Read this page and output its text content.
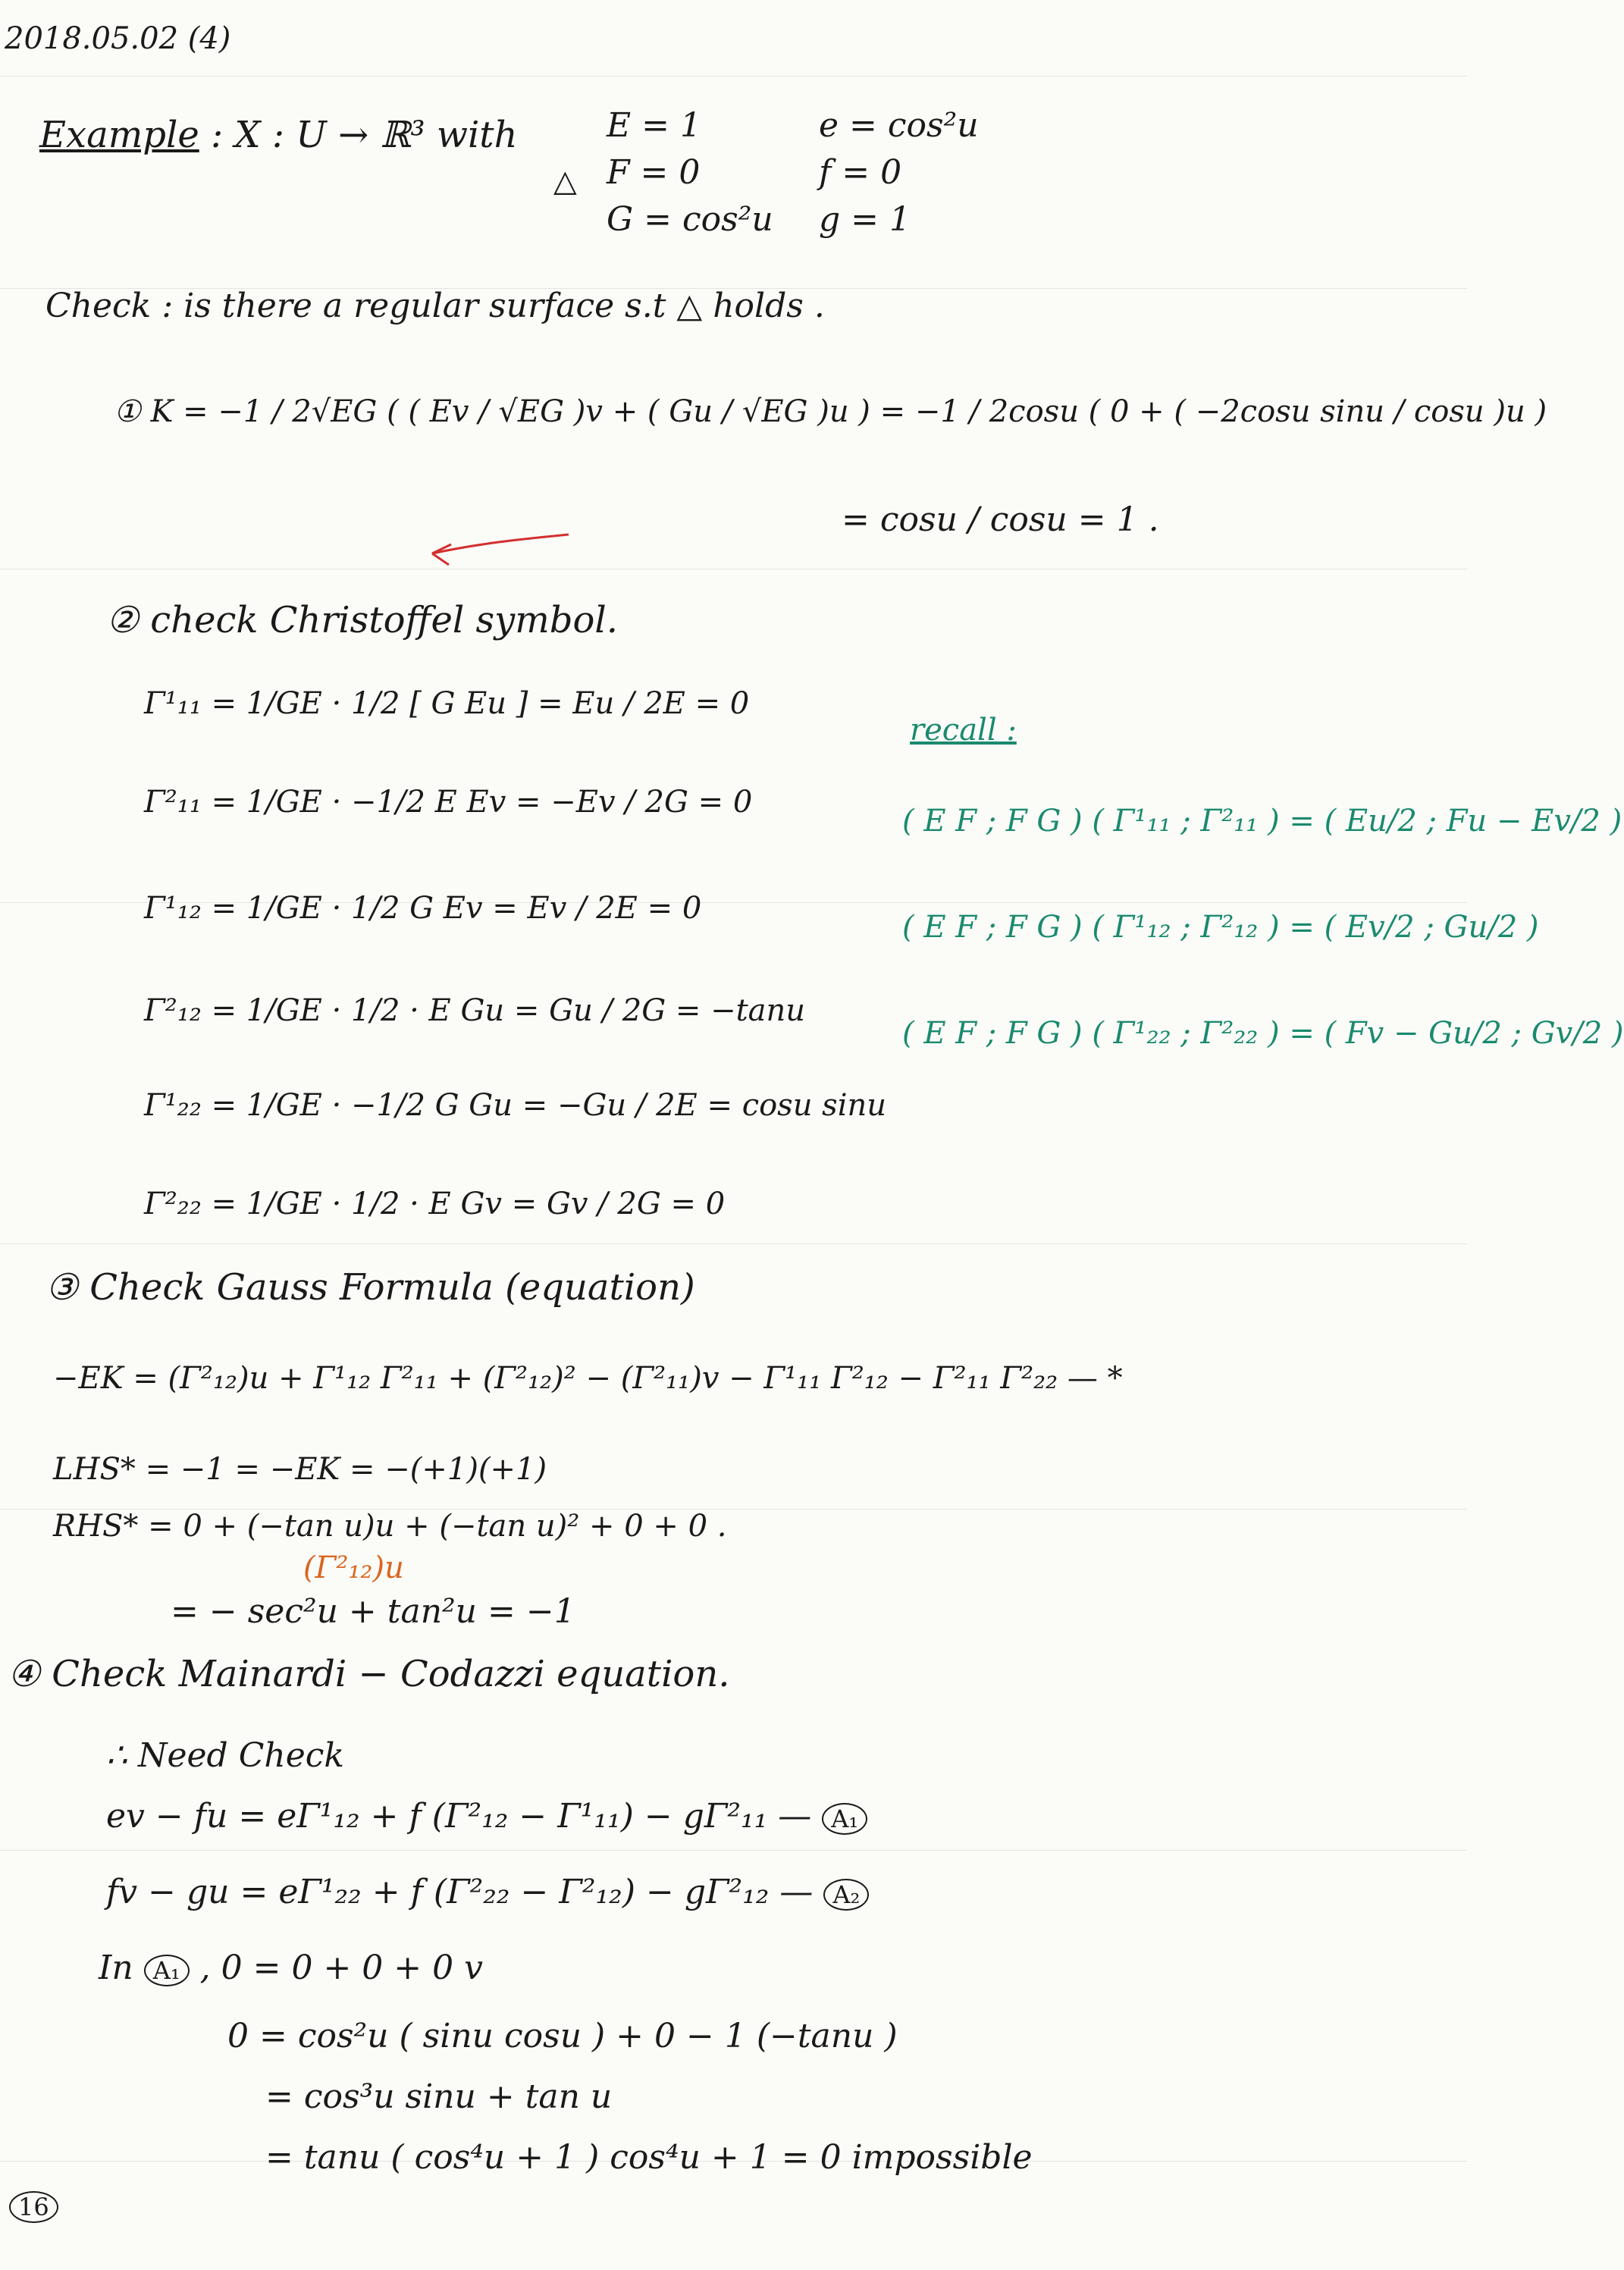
2018.05.02 (4)
Example : X : U → ℝ³ with
△
E = 1
F = 0
G = cos²u
e = cos²u
f = 0
g = 1
Check : is there a regular surface s.t △ holds .
① K = −1 / 2√EG ( ( Ev / √EG )v + ( Gu / √EG )u ) = −1 / 2cosu ( 0 + ( −2cosu sinu / cosu )u )
= cosu / cosu = 1 .
② check Christoffel symbol.
Γ¹₁₁ = 1/GE · 1/2 [ G Eu ] = Eu / 2E = 0
Γ²₁₁ = 1/GE · −1/2 E Ev = −Ev / 2G = 0
Γ¹₁₂ = 1/GE · 1/2 G Ev = Ev / 2E = 0
Γ²₁₂ = 1/GE · 1/2 · E Gu = Gu / 2G = −tanu
Γ¹₂₂ = 1/GE · −1/2 G Gu = −Gu / 2E = cosu sinu
Γ²₂₂ = 1/GE · 1/2 · E Gv = Gv / 2G = 0
recall :
( E F ; F G ) ( Γ¹₁₁ ; Γ²₁₁ ) = ( Eu/2 ; Fu − Ev/2 )
( E F ; F G ) ( Γ¹₁₂ ; Γ²₁₂ ) = ( Ev/2 ; Gu/2 )
( E F ; F G ) ( Γ¹₂₂ ; Γ²₂₂ ) = ( Fv − Gu/2 ; Gv/2 )
③ Check Gauss Formula (equation)
−EK = (Γ²₁₂)u + Γ¹₁₂ Γ²₁₁ + (Γ²₁₂)² − (Γ²₁₁)v − Γ¹₁₁ Γ²₁₂ − Γ²₁₁ Γ²₂₂ — *
LHS* = −1 = −EK = −(+1)(+1)
RHS* = 0 + (−tan u)u + (−tan u)² + 0 + 0 .
(Γ²₁₂)u
= − sec²u + tan²u = −1
④ Check Mainardi − Codazzi equation.
∴ Need Check
ev − fu = eΓ¹₁₂ + f (Γ²₁₂ − Γ¹₁₁) − gΓ²₁₁ — A₁
fv − gu = eΓ¹₂₂ + f (Γ²₂₂ − Γ²₁₂) − gΓ²₁₂ — A₂
In A₁ , 0 = 0 + 0 + 0 v
0 = cos²u ( sinu cosu ) + 0 − 1 (−tanu )
= cos³u sinu + tan u
= tanu ( cos⁴u + 1 ) cos⁴u + 1 = 0 impossible
16
